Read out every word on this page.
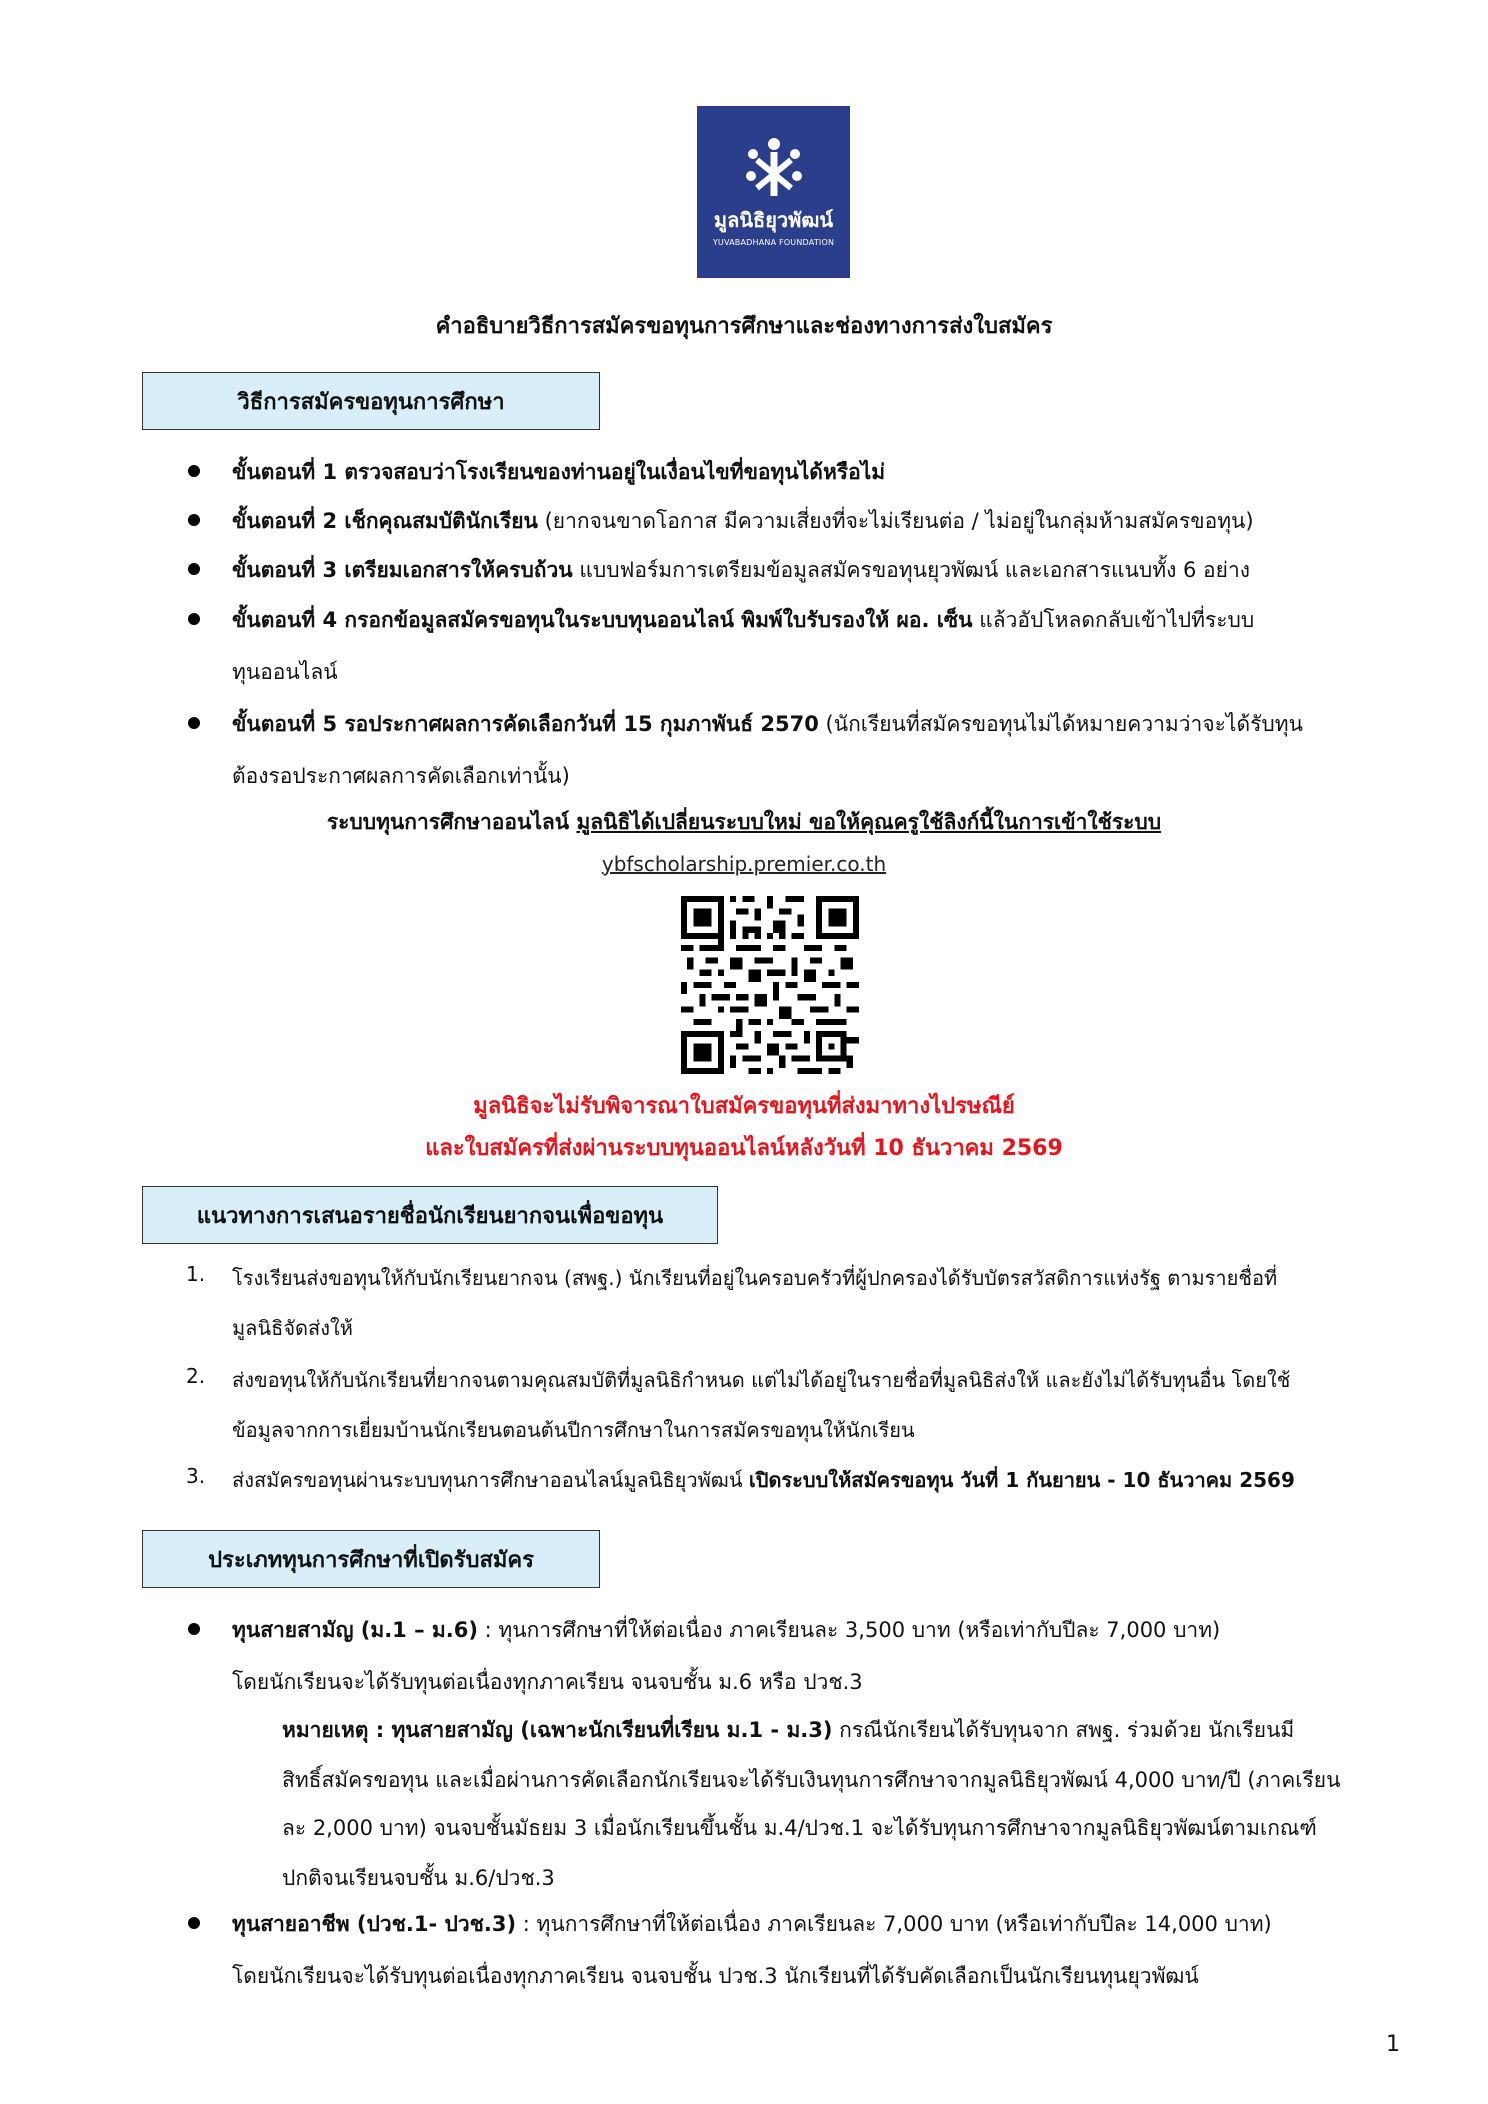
มูลนิธิยุวพัฒน์
YUVABADHANA FOUNDATION
คำอธิบายวิธีการสมัครขอทุนการศึกษาและช่องทางการส่งใบสมัคร
วิธีการสมัครขอทุนการศึกษา
ขั้นตอนที่ 1 ตรวจสอบว่าโรงเรียนของท่านอยู่ในเงื่อนไขที่ขอทุนได้หรือไม่
ขั้นตอนที่ 2 เช็กคุณสมบัตินักเรียน (ยากจนขาดโอกาส มีความเสี่ยงที่จะไม่เรียนต่อ / ไม่อยู่ในกลุ่มห้ามสมัครขอทุน)
ขั้นตอนที่ 3 เตรียมเอกสารให้ครบถ้วน แบบฟอร์มการเตรียมข้อมูลสมัครขอทุนยุวพัฒน์ และเอกสารแนบทั้ง 6 อย่าง
ขั้นตอนที่ 4 กรอกข้อมูลสมัครขอทุนในระบบทุนออนไลน์ พิมพ์ใบรับรองให้ ผอ. เซ็น แล้วอัปโหลดกลับเข้าไปที่ระบบ
ทุนออนไลน์
ขั้นตอนที่ 5 รอประกาศผลการคัดเลือกวันที่ 15 กุมภาพันธ์ 2570 (นักเรียนที่สมัครขอทุนไม่ได้หมายความว่าจะได้รับทุน
ต้องรอประกาศผลการคัดเลือกเท่านั้น)
ระบบทุนการศึกษาออนไลน์ มูลนิธิได้เปลี่ยนระบบใหม่ ขอให้คุณครูใช้ลิงก์นี้ในการเข้าใช้ระบบ
ybfscholarship.premier.co.th
มูลนิธิจะไม่รับพิจารณาใบสมัครขอทุนที่ส่งมาทางไปรษณีย์
และใบสมัครที่ส่งผ่านระบบทุนออนไลน์หลังวันที่ 10 ธันวาคม 2569
แนวทางการเสนอรายชื่อนักเรียนยากจนเพื่อขอทุน
1. โรงเรียนส่งขอทุนให้กับนักเรียนยากจน (สพฐ.) นักเรียนที่อยู่ในครอบครัวที่ผู้ปกครองได้รับบัตรสวัสดิการแห่งรัฐ ตามรายชื่อที่
มูลนิธิจัดส่งให้
2. ส่งขอทุนให้กับนักเรียนที่ยากจนตามคุณสมบัติที่มูลนิธิกำหนด แต่ไม่ได้อยู่ในรายชื่อที่มูลนิธิส่งให้ และยังไม่ได้รับทุนอื่น โดยใช้
ข้อมูลจากการเยี่ยมบ้านนักเรียนตอนต้นปีการศึกษาในการสมัครขอทุนให้นักเรียน
3. ส่งสมัครขอทุนผ่านระบบทุนการศึกษาออนไลน์มูลนิธิยุวพัฒน์ เปิดระบบให้สมัครขอทุน วันที่ 1 กันยายน - 10 ธันวาคม 2569
ประเภททุนการศึกษาที่เปิดรับสมัคร
ทุนสายสามัญ (ม.1 – ม.6) : ทุนการศึกษาที่ให้ต่อเนื่อง ภาคเรียนละ 3,500 บาท (หรือเท่ากับปีละ 7,000 บาท)
โดยนักเรียนจะได้รับทุนต่อเนื่องทุกภาคเรียน จนจบชั้น ม.6 หรือ ปวช.3
หมายเหตุ : ทุนสายสามัญ (เฉพาะนักเรียนที่เรียน ม.1 - ม.3) กรณีนักเรียนได้รับทุนจาก สพฐ. ร่วมด้วย นักเรียนมี
สิทธิ์สมัครขอทุน และเมื่อผ่านการคัดเลือกนักเรียนจะได้รับเงินทุนการศึกษาจากมูลนิธิยุวพัฒน์ 4,000 บาท/ปี (ภาคเรียน
ละ 2,000 บาท) จนจบชั้นมัธยม 3 เมื่อนักเรียนขึ้นชั้น ม.4/ปวช.1 จะได้รับทุนการศึกษาจากมูลนิธิยุวพัฒน์ตามเกณฑ์
ปกติจนเรียนจบชั้น ม.6/ปวช.3
ทุนสายอาชีพ (ปวช.1- ปวช.3) : ทุนการศึกษาที่ให้ต่อเนื่อง ภาคเรียนละ 7,000 บาท (หรือเท่ากับปีละ 14,000 บาท)
โดยนักเรียนจะได้รับทุนต่อเนื่องทุกภาคเรียน จนจบชั้น ปวช.3 นักเรียนที่ได้รับคัดเลือกเป็นนักเรียนทุนยุวพัฒน์
1
